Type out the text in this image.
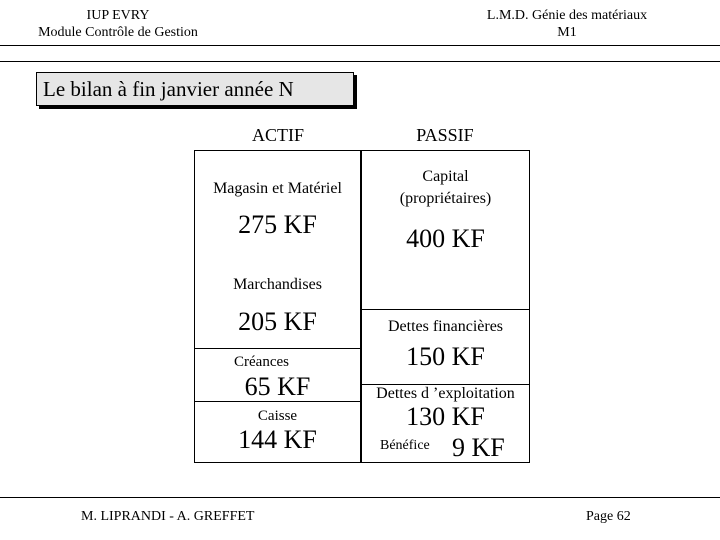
IUP EVRY
Module Contrôle de Gestion
L.M.D. Génie des matériaux
M1
Le bilan à fin janvier année N
ACTIF	PASSIF
Magasin et Matériel
275 KF
Marchandises
205 KF
Créances
65 KF
Caisse
144 KF
Capital
(propriétaires)
400 KF
Dettes financières
150 KF
Dettes d ’exploitation
130 KF
Bénéfice 9 KF
M. LIPRANDI - A. GREFFET	Page 62
